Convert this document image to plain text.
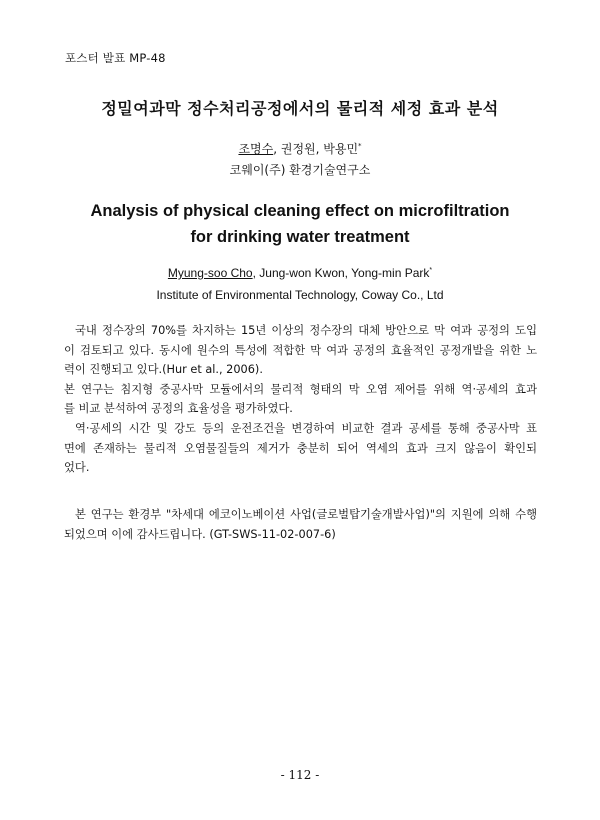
포스터 발표 MP-48
정밀여과막 정수처리공정에서의 물리적 세정 효과 분석
조명수, 권정원, 박용민*
코웨이(주) 환경기술연구소
Analysis of physical cleaning effect on microfiltration
for drinking water treatment
Myung-soo Cho, Jung-won Kwon, Yong-min Park*
Institute of Environmental Technology, Coway Co., Ltd
국내 정수장의 70%를 차지하는 15년 이상의 정수장의 대체 방안으로 막 여과 공정의 도입
이 검토되고 있다. 동시에 원수의 특성에 적합한 막 여과 공정의 효율적인 공정개발을 위한 노
력이 진행되고 있다.(Hur et al., 2006).
본 연구는 침지형 중공사막 모듈에서의 물리적 형태의 막 오염 제어를 위해 역·공세의 효과
를 비교 분석하여 공정의 효율성을 평가하였다.
역·공세의 시간 및 강도 등의 운전조건을 변경하여 비교한 결과 공세를 통해 중공사막 표
면에 존재하는 물리적 오염물질들의 제거가 충분히 되어 역세의 효과 크지 않음이 확인되
었다.
본 연구는 환경부 "차세대 에코이노베이션 사업(글로벌탑기술개발사업)"의 지원에 의해 수행
되었으며 이에 감사드립니다. (GT-SWS-11-02-007-6)
- 112 -
